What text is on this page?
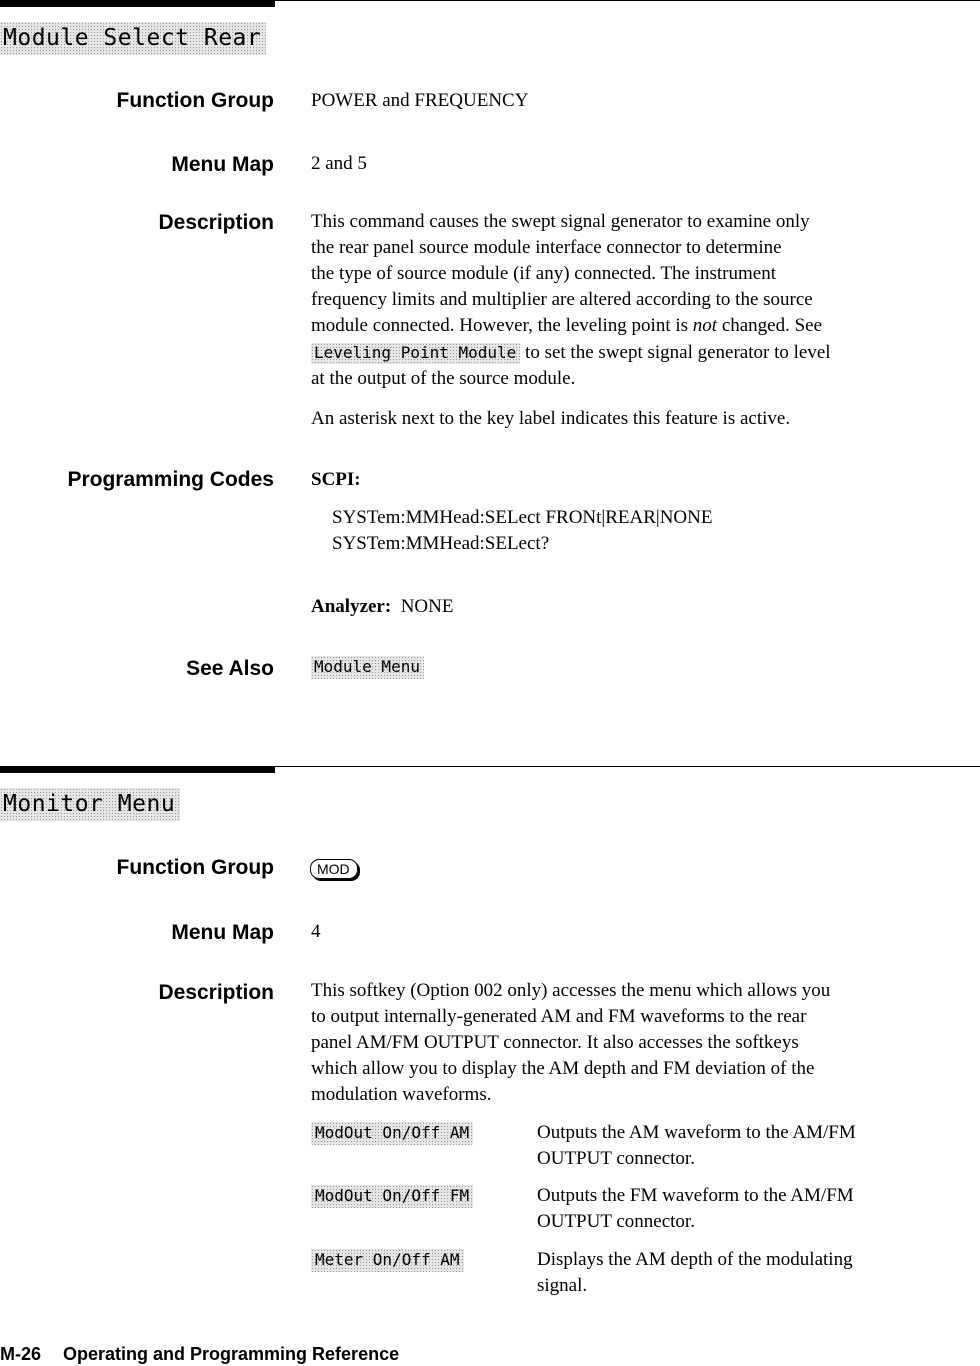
Module Select Rear
Function Group POWER and FREQUENCY
Menu Map 2 and 5
Description This command causes the swept signal generator to examine only
the rear panel source module interface connector to determine
the type of source module (if any) connected. The instrument
frequency limits and multiplier are altered according to the source
module connected. However, the leveling point is not changed. See
Leveling Point Module to set the swept signal generator to level
at the output of the source module.
An asterisk next to the key label indicates this feature is active.
Programming Codes SCPI:
SYSTem:MMHead:SELect FRONt|REAR|NONE
SYSTem:MMHead:SELect?
Analyzer: NONE
See Also	Module Menu
Monitor Menu
Function Group	MOD
Menu Map 4
Description This softkey (Option 002 only) accesses the menu which allows you
to output internally-generated AM and FM waveforms to the rear
panel AM/FM OUTPUT connector. It also accesses the softkeys
which allow you to display the AM depth and FM deviation of the
modulation waveforms.
ModOut On/Off AM	Outputs the AM waveform to the AM/FM
OUTPUT connector.
ModOut On/Off FM	Outputs the FM waveform to the AM/FM
OUTPUT connector.
Meter On/Off AM	Displays the AM depth of the modulating
signal.
M-26 Operating and Programming Reference
